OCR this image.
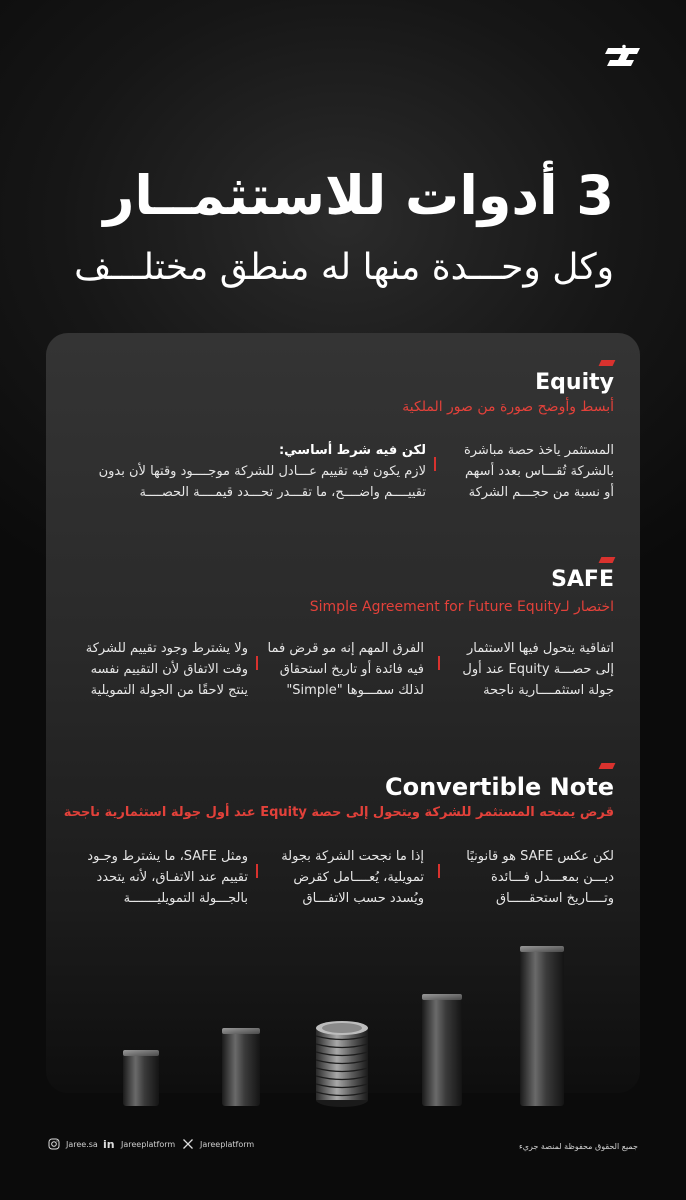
3 أدوات للاستثمــار
وكل وحـــدة منها له منطق مختلـــف
Equity
أبسط وأوضح صورة من صور الملكية
المستثمر ياخذ حصة مباشرة
بالشركة تُقـــاس بعدد أسهم
أو نسبة من حجـــم الشركة
لكن فيه شرط أساسي:
لازم يكون فيه تقييم عـــادل للشركة موجــــود وقتها لأن بدون
تقييــــم واضــــح، ما تقـــدر تحـــدد قيمــــة الحصــــة
SAFE
اختصار لـSimple Agreement for Future Equity
اتفاقية يتحول فيها الاستثمار
إلى حصـــة Equity عند أول
جولة استثمــــارية ناجحة
الفرق المهم إنه مو قرض فما
فيه فائدة أو تاريخ استحقاق
لذلك سمـــوها "Simple"
ولا يشترط وجود تقييم للشركة
وقت الاتفاق لأن التقييم نفسه
ينتج لاحقًا من الجولة التمويلية
Convertible Note
قرض يمنحه المستثمر للشركة ويتحول إلى حصة Equity عند أول جولة استثمارية ناجحة
لكن عكس SAFE هو قانونيًا
ديـــن بمعـــدل فـــائدة
وتــــاريخ استحقـــــاق
إذا ما نجحت الشركة بجولة
تمويلية، يُعــــامل كقرض
ويُسدد حسب الاتفـــاق
ومثل SAFE، ما يشترط وجـود
تقييم عند الاتفـاق، لأنه يتحدد
بالجـــولة التمويليـــــــة
Jaree.sa in Jareeplatform	Jareeplatform	جميع الحقوق محفوظة لمنصة جريء
